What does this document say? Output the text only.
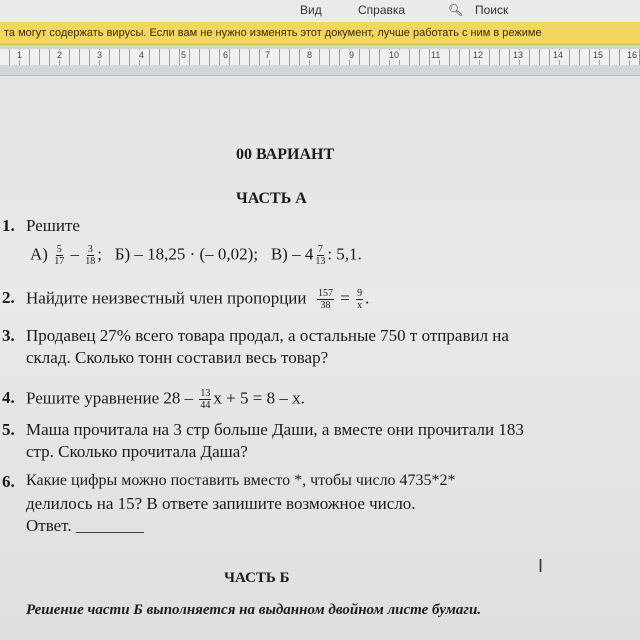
Вид	Справка	🔍︎ Поиск
та могут содержать вирусы. Если вам не нужно изменять этот документ, лучше работать с ним в режиме
1	2	3	4	5	6	7	8	9	10	11	12	13	14	15	16
00 ВАРИАНТ
ЧАСТЬ А
1. Решите
$А) \frac{5}{17} - \frac{3}{18}$ ; Б) – 18,25 · (– 0,02); $В) - 4 \frac{7}{13}$ : 5,1.
2. Найдите неизвестный член пропорции $\frac{157}{38} = \frac{9}{x}$ .
3. Продавец 27% всего товара продал, а остальные 750 т отправил на
склад. Сколько тонн составил весь товар?
4. Решите уравнение $28 - \frac{13}{44}$ x + 5 = 8 – x.
5. Маша прочитала на 3 стр больше Даши, а вместе они прочитали 183
стр. Сколько прочитала Даша?
6. Какие цифры можно поставить вместо *, чтобы число 4735*2*
делилось на 15? В ответе запишите возможное число.
Ответ. ________
I
ЧАСТЬ Б
Решение части Б выполняется на выданном двойном листе бумаги.
